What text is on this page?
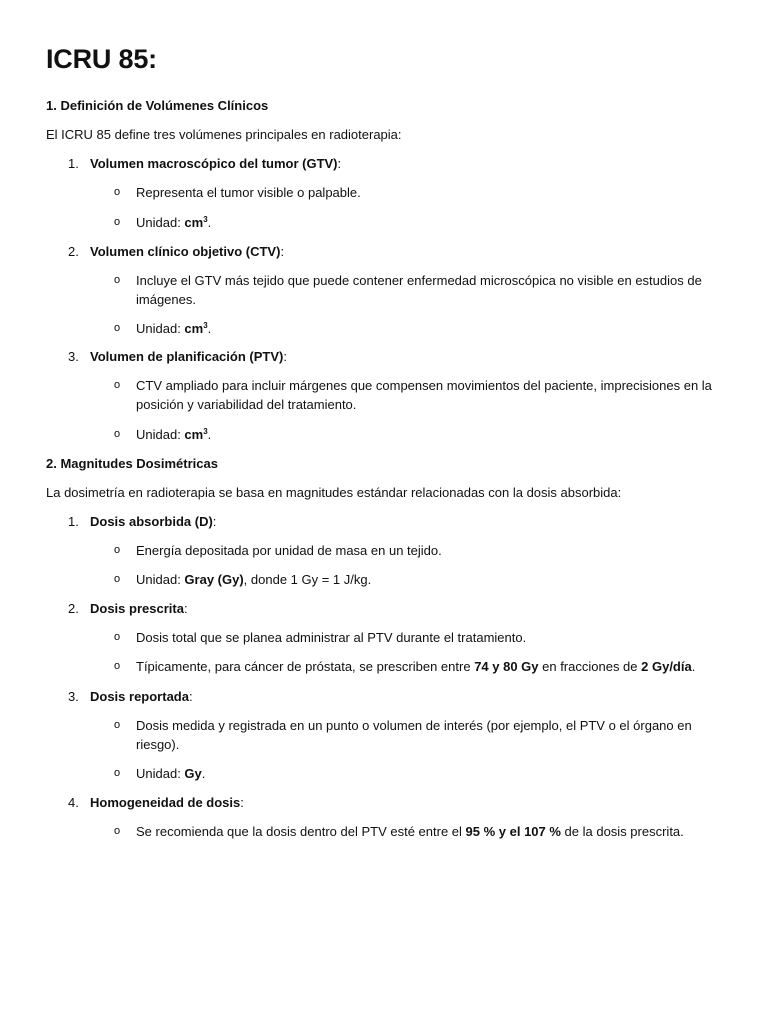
ICRU 85:
1. Definición de Volúmenes Clínicos
El ICRU 85 define tres volúmenes principales en radioterapia:
1. Volumen macroscópico del tumor (GTV):
o Representa el tumor visible o palpable.
o Unidad: $cm^3$.
2. Volumen clínico objetivo (CTV):
o Incluye el GTV más tejido que puede contener enfermedad microscópica no visible en estudios de imágenes.
o Unidad: $cm^3$.
3. Volumen de planificación (PTV):
o CTV ampliado para incluir márgenes que compensen movimientos del paciente, imprecisiones en la posición y variabilidad del tratamiento.
o Unidad: $cm^3$.
2. Magnitudes Dosimétricas
La dosimetría en radioterapia se basa en magnitudes estándar relacionadas con la dosis absorbida:
1. Dosis absorbida (D):
o Energía depositada por unidad de masa en un tejido.
o Unidad: Gray (Gy), donde 1 Gy = 1 J/kg.
2. Dosis prescrita:
o Dosis total que se planea administrar al PTV durante el tratamiento.
o Típicamente, para cáncer de próstata, se prescriben entre 74 y 80 Gy en fracciones de 2 Gy/día.
3. Dosis reportada:
o Dosis medida y registrada en un punto o volumen de interés (por ejemplo, el PTV o el órgano en riesgo).
o Unidad: Gy.
4. Homogeneidad de dosis:
o Se recomienda que la dosis dentro del PTV esté entre el 95 % y el 107 % de la dosis prescrita.
